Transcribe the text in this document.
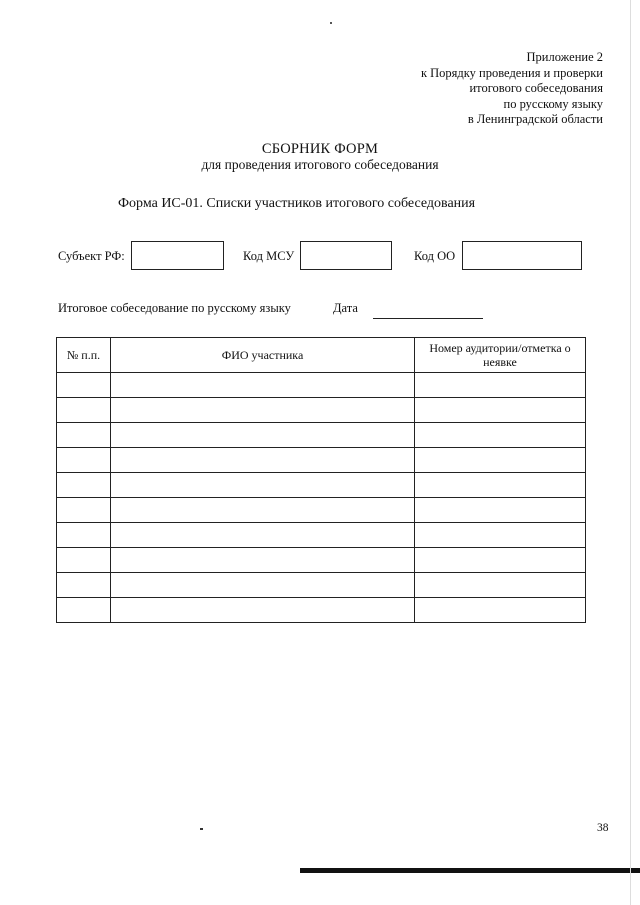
Приложение 2
к Порядку проведения и проверки
итогового собеседования
по русскому языку
в Ленинградской области
СБОРНИК ФОРМ
для проведения итогового собеседования
Форма ИС-01. Списки участников итогового собеседования
Субъект РФ:	Код МСУ	Код ОО
Итоговое собеседование по русскому языку	Дата
№ п.п.	ФИО участника	Номер аудитории/отметка о неявке

38
